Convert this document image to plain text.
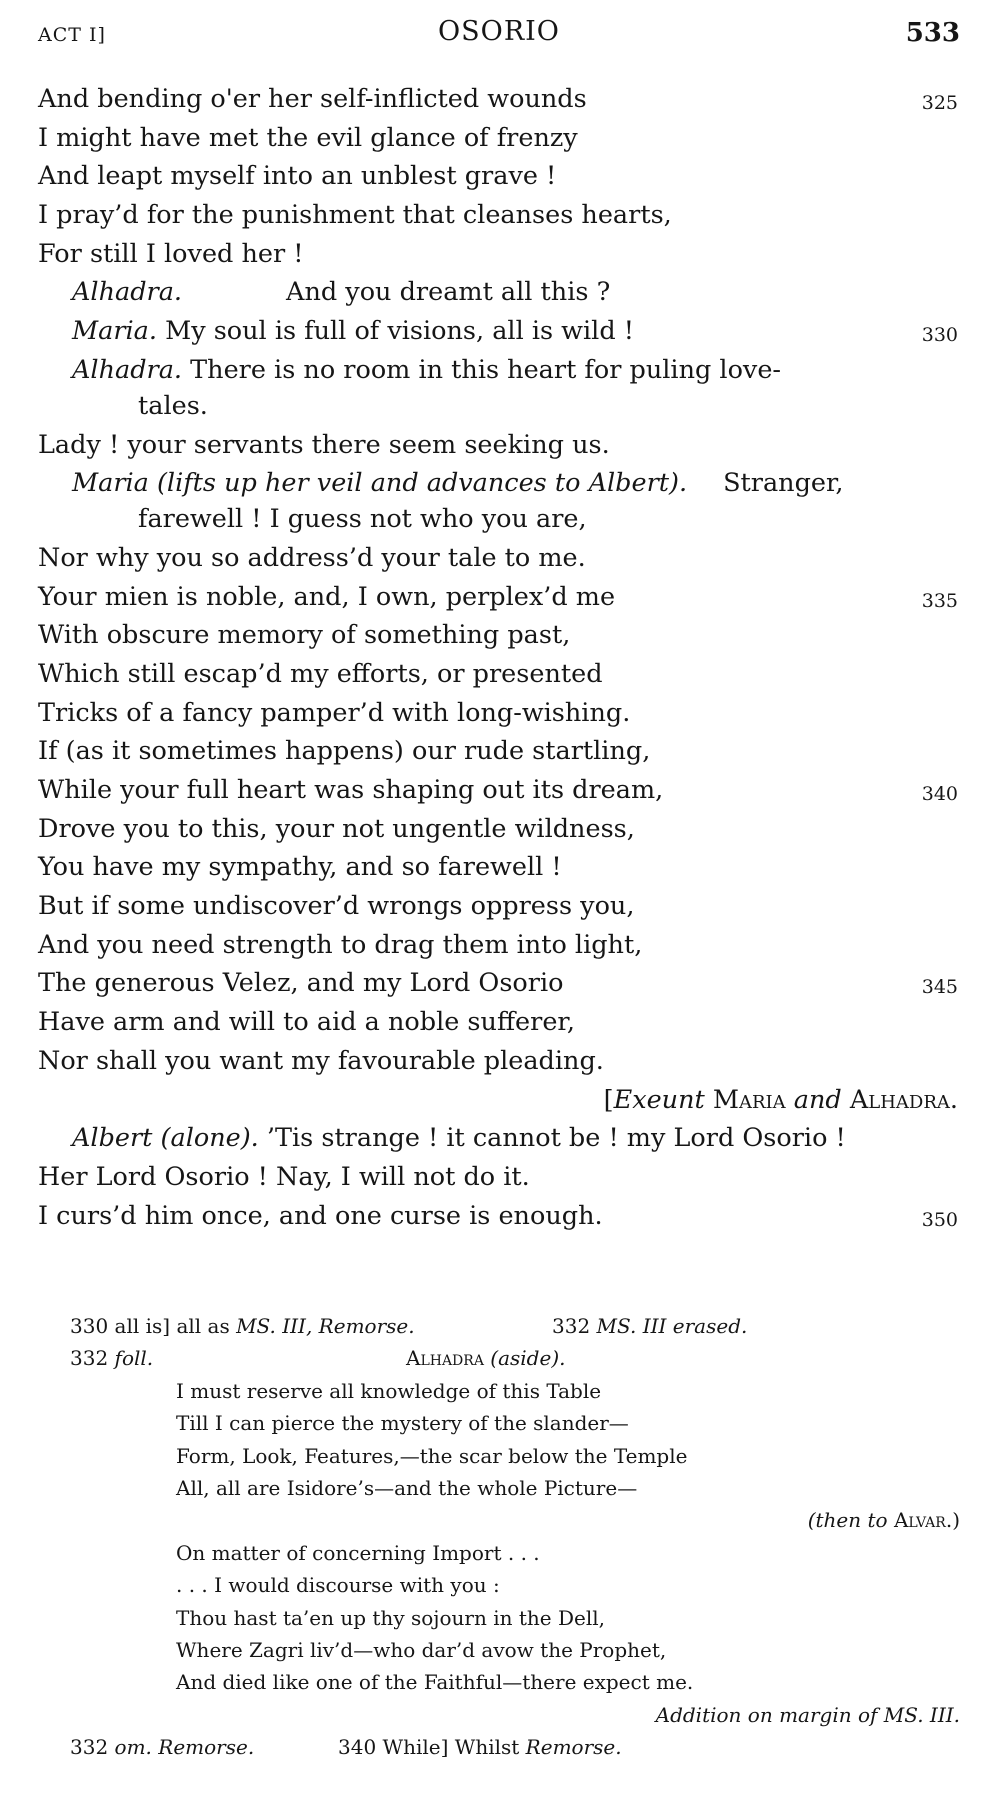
ACT I]	OSORIO	533
And bending o'er her self-inflicted wounds	325
I might have met the evil glance of frenzy
And leapt myself into an unblest grave !
I pray’d for the punishment that cleanses hearts,
For still I loved her !
Alhadra.	And you dreamt all this ?
Maria. My soul is full of visions, all is wild !	330
Alhadra. There is no room in this heart for puling love-
tales.
Lady ! your servants there seem seeking us.
Maria (lifts up her veil and advances to Albert). Stranger,
farewell ! I guess not who you are,
Nor why you so address’d your tale to me.
Your mien is noble, and, I own, perplex’d me	335
With obscure memory of something past,
Which still escap’d my efforts, or presented
Tricks of a fancy pamper’d with long-wishing.
If (as it sometimes happens) our rude startling,
While your full heart was shaping out its dream,	340
Drove you to this, your not ungentle wildness,
You have my sympathy, and so farewell !
But if some undiscover’d wrongs oppress you,
And you need strength to drag them into light,
The generous Velez, and my Lord Osorio	345
Have arm and will to aid a noble sufferer,
Nor shall you want my favourable pleading.
[Exeunt Maria and Alhadra.
Albert (alone). ’Tis strange ! it cannot be ! my Lord Osorio !
Her Lord Osorio ! Nay, I will not do it.
I curs’d him once, and one curse is enough.	350
330 all is] all as MS. III, Remorse.	332 MS. III erased.
332 foll.	Alhadra (aside).
I must reserve all knowledge of this Table
Till I can pierce the mystery of the slander—
Form, Look, Features,—the scar below the Temple
All, all are Isidore’s—and the whole Picture—
(then to Alvar.)
On matter of concerning Import . . .
. . . I would discourse with you :
Thou hast ta’en up thy sojourn in the Dell,
Where Zagri liv’d—who dar’d avow the Prophet,
And died like one of the Faithful—there expect me.
Addition on margin of MS. III.
332 om. Remorse.	340 While] Whilst Remorse.
